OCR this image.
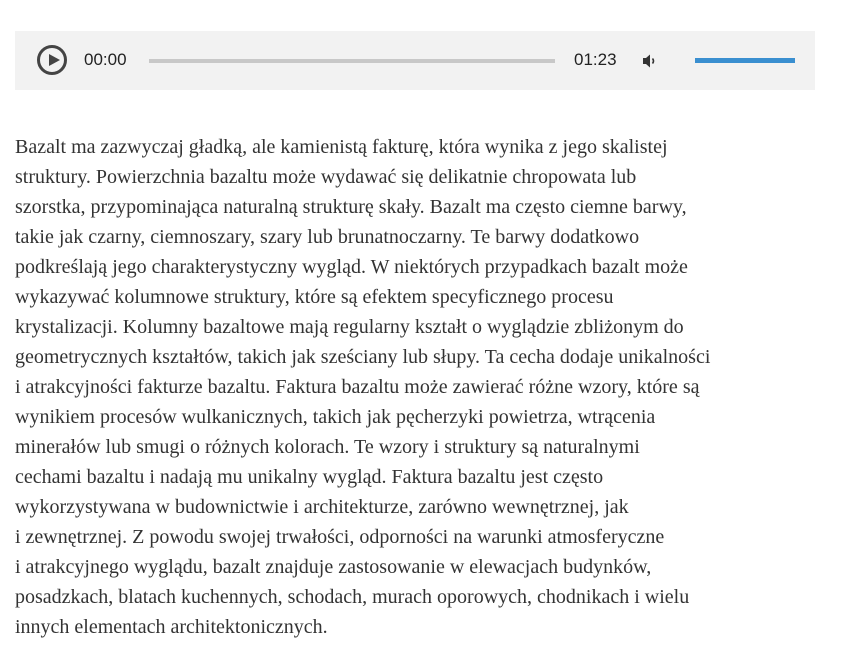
00:00	01:23
Bazalt ma zazwyczaj gładką, ale kamienistą fakturę, która wynika z jego skalistej
struktury. Powierzchnia bazaltu może wydawać się delikatnie chropowata lub
szorstka, przypominająca naturalną strukturę skały. Bazalt ma często ciemne barwy,
takie jak czarny, ciemnoszary, szary lub brunatnoczarny. Te barwy dodatkowo
podkreślają jego charakterystyczny wygląd. W niektórych przypadkach bazalt może
wykazywać kolumnowe struktury, które są efektem specyficznego procesu
krystalizacji. Kolumny bazaltowe mają regularny kształt o wyglądzie zbliżonym do
geometrycznych kształtów, takich jak sześciany lub słupy. Ta cecha dodaje unikalności
i atrakcyjności fakturze bazaltu. Faktura bazaltu może zawierać różne wzory, które są
wynikiem procesów wulkanicznych, takich jak pęcherzyki powietrza, wtrącenia
minerałów lub smugi o różnych kolorach. Te wzory i struktury są naturalnymi
cechami bazaltu i nadają mu unikalny wygląd. Faktura bazaltu jest często
wykorzystywana w budownictwie i architekturze, zarówno wewnętrznej, jak
i zewnętrznej. Z powodu swojej trwałości, odporności na warunki atmosferyczne
i atrakcyjnego wyglądu, bazalt znajduje zastosowanie w elewacjach budynków,
posadzkach, blatach kuchennych, schodach, murach oporowych, chodnikach i wielu
innych elementach architektonicznych.
